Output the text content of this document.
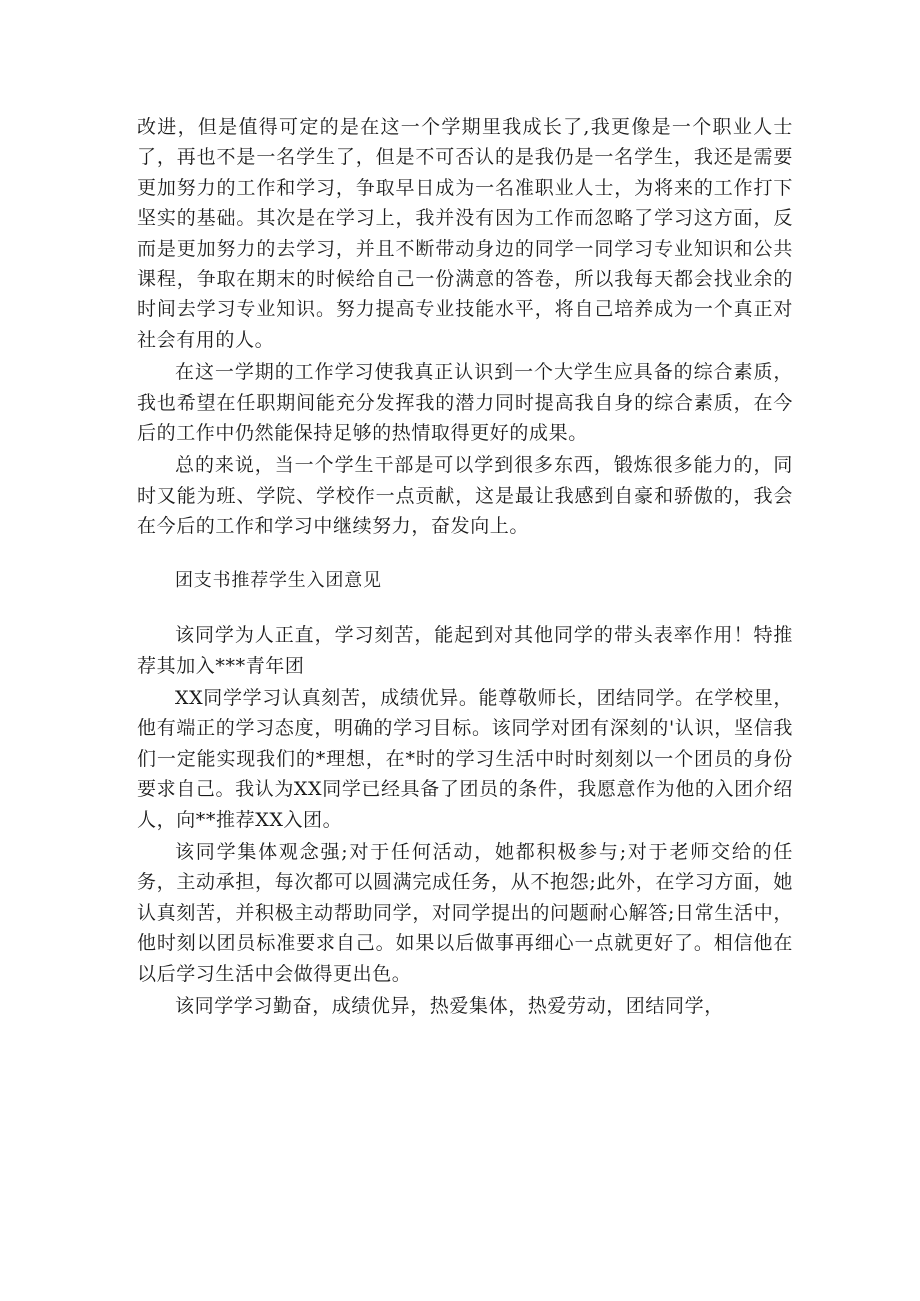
改进，但是值得可定的是在这一个学期里我成长了,我更像是一个职业人士了，再也不是一名学生了，但是不可否认的是我仍是一名学生，我还是需要更加努力的工作和学习，争取早日成为一名准职业人士，为将来的工作打下坚实的基础。其次是在学习上，我并没有因为工作而忽略了学习这方面，反而是更加努力的去学习，并且不断带动身边的同学一同学习专业知识和公共课程，争取在期末的时候给自己一份满意的答卷，所以我每天都会找业余的时间去学习专业知识。努力提高专业技能水平，将自己培养成为一个真正对社会有用的人。

在这一学期的工作学习使我真正认识到一个大学生应具备的综合素质，我也希望在任职期间能充分发挥我的潜力同时提高我自身的综合素质，在今后的工作中仍然能保持足够的热情取得更好的成果。

总的来说，当一个学生干部是可以学到很多东西，锻炼很多能力的，同时又能为班、学院、学校作一点贡献，这是最让我感到自豪和骄傲的，我会在今后的工作和学习中继续努力，奋发向上。

团支书推荐学生入团意见

该同学为人正直，学习刻苦，能起到对其他同学的带头表率作用！特推荐其加入***青年团

XX同学学习认真刻苦，成绩优异。能尊敬师长，团结同学。在学校里，他有端正的学习态度，明确的学习目标。该同学对团有深刻的'认识，坚信我们一定能实现我们的*理想，在*时的学习生活中时时刻刻以一个团员的身份要求自己。我认为XX同学已经具备了团员的条件，我愿意作为他的入团介绍人，向**推荐XX入团。

该同学集体观念强;对于任何活动，她都积极参与;对于老师交给的任务，主动承担，每次都可以圆满完成任务，从不抱怨;此外，在学习方面，她认真刻苦，并积极主动帮助同学，对同学提出的问题耐心解答;日常生活中，他时刻以团员标准要求自己。如果以后做事再细心一点就更好了。相信他在以后学习生活中会做得更出色。

该同学学习勤奋，成绩优异，热爱集体，热爱劳动，团结同学，
